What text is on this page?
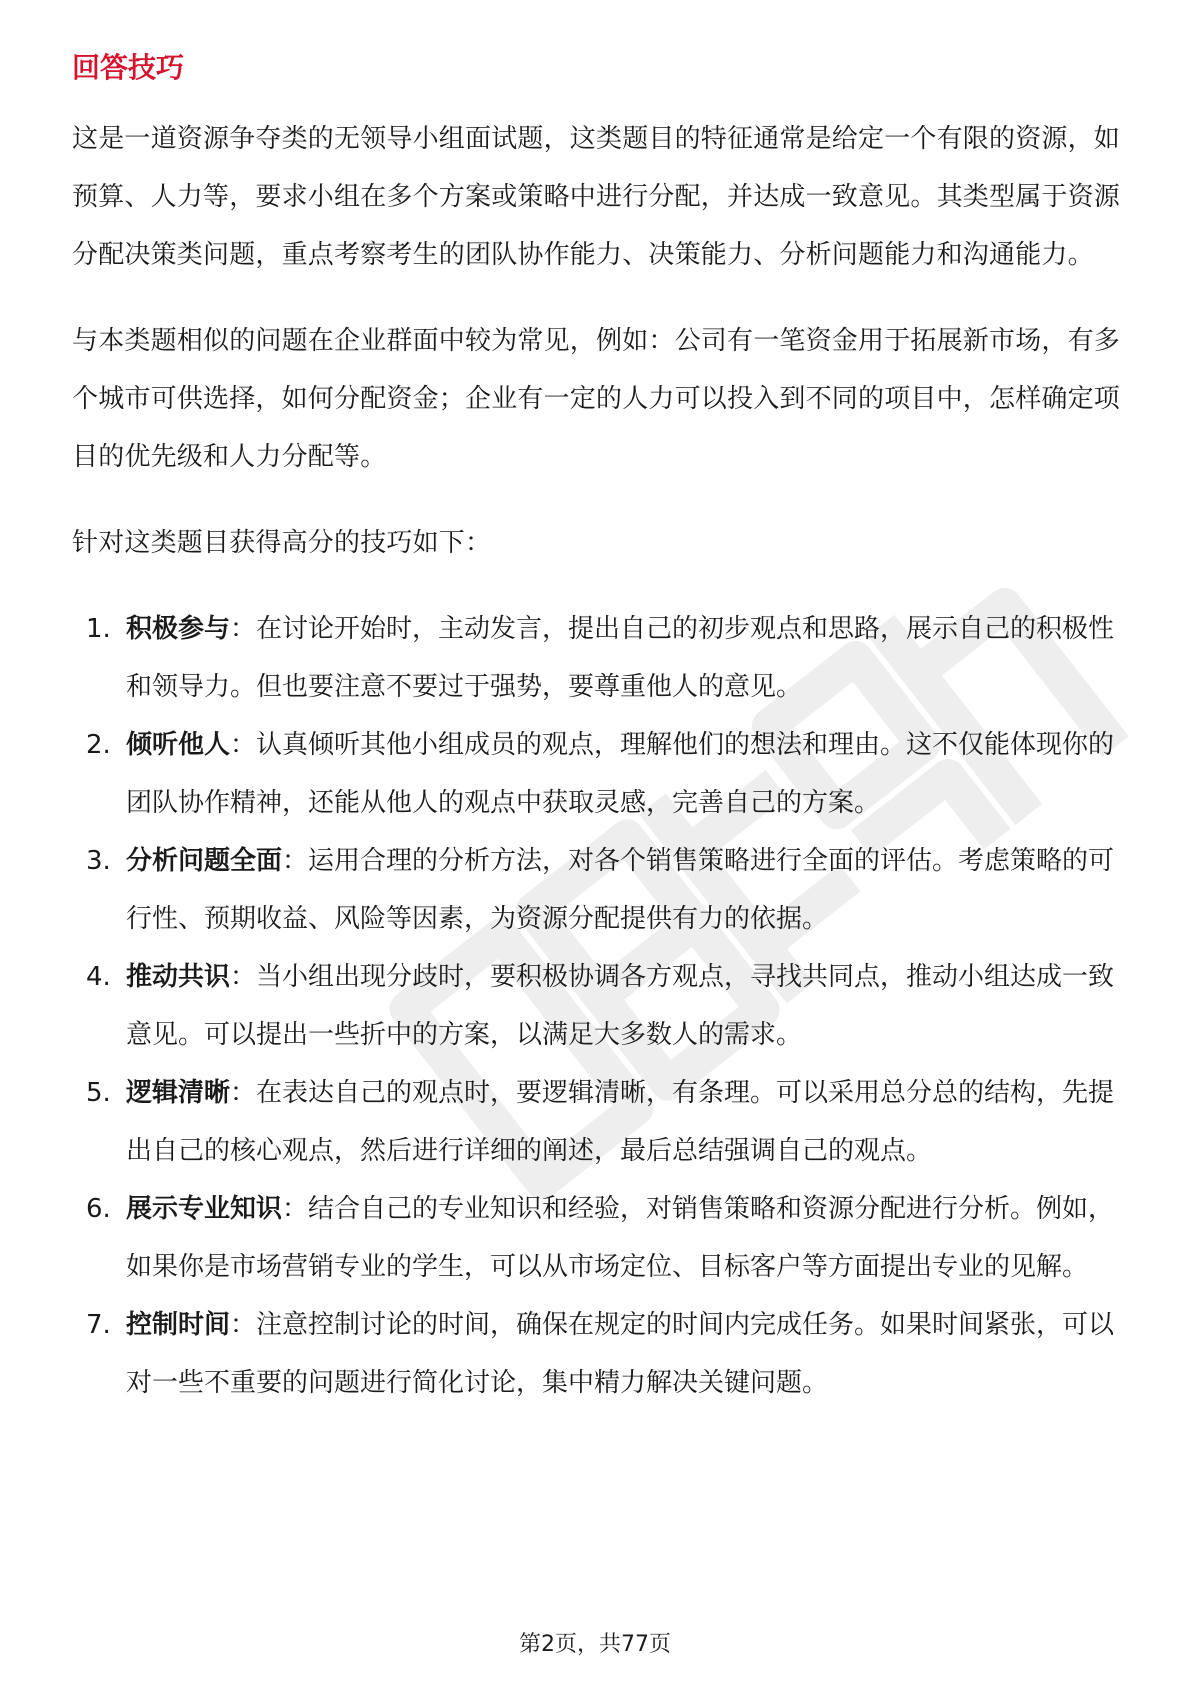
回答技巧

这是一道资源争夺类的无领导小组面试题，这类题目的特征通常是给定一个有限的资源，如预算、人力等，要求小组在多个方案或策略中进行分配，并达成一致意见。其类型属于资源分配决策类问题，重点考察考生的团队协作能力、决策能力、分析问题能力和沟通能力。

与本类题相似的问题在企业群面中较为常见，例如：公司有一笔资金用于拓展新市场，有多个城市可供选择，如何分配资金；企业有一定的人力可以投入到不同的项目中，怎样确定项目的优先级和人力分配等。

针对这类题目获得高分的技巧如下：

1. 积极参与：在讨论开始时，主动发言，提出自己的初步观点和思路，展示自己的积极性和领导力。但也要注意不要过于强势，要尊重他人的意见。
2. 倾听他人：认真倾听其他小组成员的观点，理解他们的想法和理由。这不仅能体现你的团队协作精神，还能从他人的观点中获取灵感，完善自己的方案。
3. 分析问题全面：运用合理的分析方法，对各个销售策略进行全面的评估。考虑策略的可行性、预期收益、风险等因素，为资源分配提供有力的依据。
4. 推动共识：当小组出现分歧时，要积极协调各方观点，寻找共同点，推动小组达成一致意见。可以提出一些折中的方案，以满足大多数人的需求。
5. 逻辑清晰：在表达自己的观点时，要逻辑清晰，有条理。可以采用总分总的结构，先提出自己的核心观点，然后进行详细的阐述，最后总结强调自己的观点。
6. 展示专业知识：结合自己的专业知识和经验，对销售策略和资源分配进行分析。例如，如果你是市场营销专业的学生，可以从市场定位、目标客户等方面提出专业的见解。
7. 控制时间：注意控制讨论的时间，确保在规定的时间内完成任务。如果时间紧张，可以对一些不重要的问题进行简化讨论，集中精力解决关键问题。
第2页，共77页
